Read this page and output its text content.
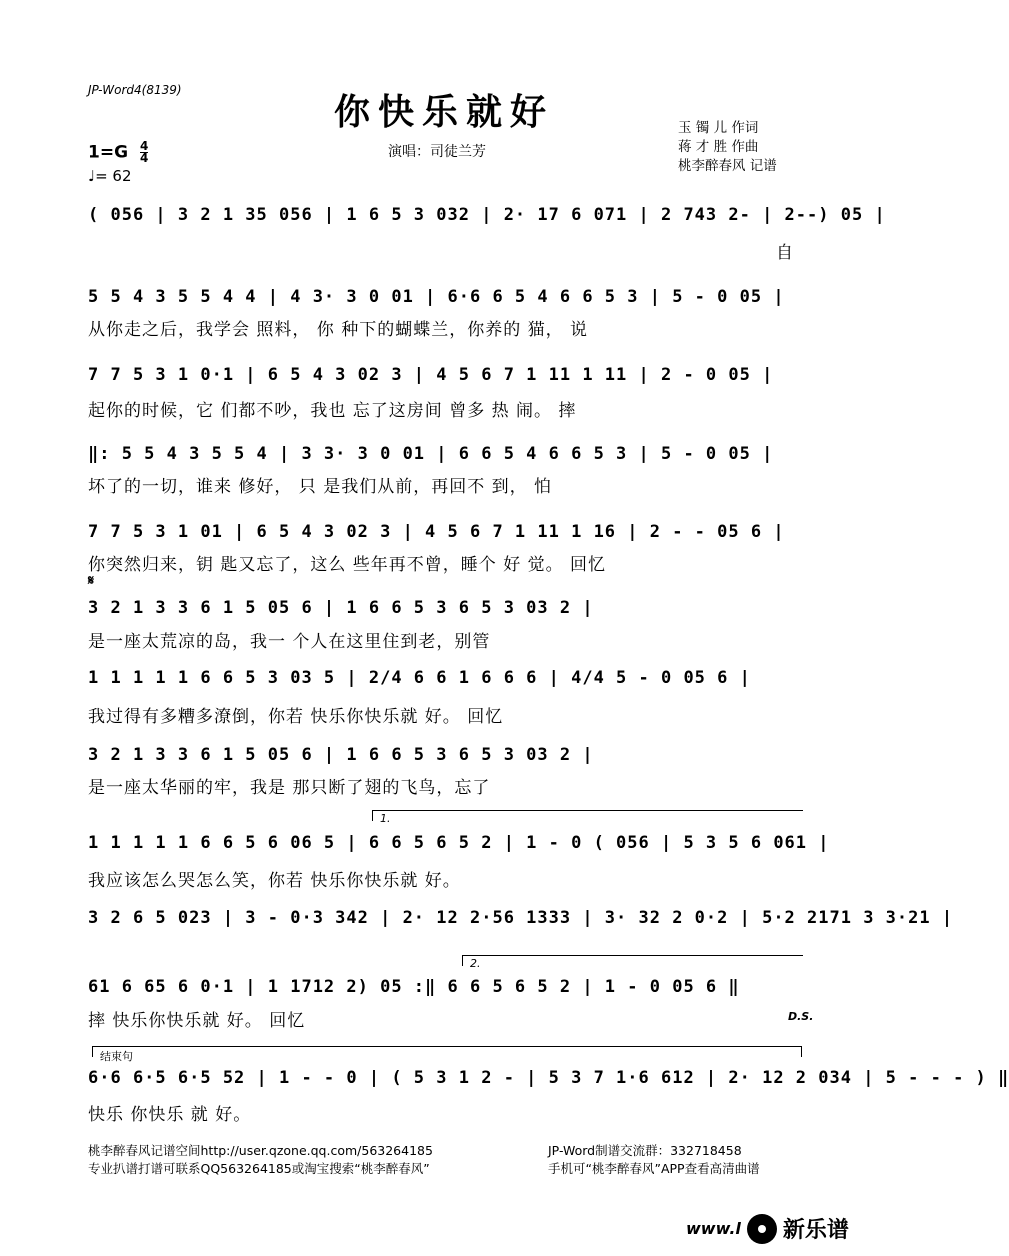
JP-Word4(8139)
你快乐就好
$1=G \frac{4}{4}$
♩= 62
演唱：司徒兰芳
玉 镯 儿 作词
蒋 才 胜 作曲
桃李醉春风 记谱
( 056 | 3 2 1 35 056 | 1 6 5 3 032 | 2· 17 6 071 | 2 743 2- | 2--) 05 |
自
5 5 4 3 5 5 4 4 | 4 3· 3 0 01 | 6·6 6 5 4 6 6 5 3 | 5 - 0 05 |
从你走之后，我学会 照料， 你 种下的蝴蝶兰，你养的 猫， 说
7 7 5 3 1 0·1 | 6 5 4 3 02 3 | 4 5 6 7 1 11 1 11 | 2 - 0 05 |
起你的时候，它 们都不吵，我也 忘了这房间 曾多 热 闹。 摔
‖: 5 5 4 3 5 5 4 | 3 3· 3 0 01 | 6 6 5 4 6 6 5 3 | 5 - 0 05 |
坏了的一切，谁来 修好， 只 是我们从前，再回不 到， 怕
7 7 5 3 1 01 | 6 5 4 3 02 3 | 4 5 6 7 1 11 1 16 | 2 - - 05 6 |
你突然归来，钥 匙又忘了，这么 些年再不曾，睡个 好 觉。 回忆
𝄋
3 2 1 3 3 6 1 5 05 6 | 1 6 6 5 3 6 5 3 03 2 |
是一座太荒凉的岛，我一 个人在这里住到老，别管
1 1 1 1 1 6 6 5 3 03 5 | 2/4 6 6 1 6 6 6 | 4/4 5 - 0 05 6 |
我过得有多糟多潦倒，你若 快乐你快乐就 好。 回忆
3 2 1 3 3 6 1 5 05 6 | 1 6 6 5 3 6 5 3 03 2 |
是一座太华丽的牢，我是 那只断了翅的飞鸟，忘了
1.
1 1 1 1 1 6 6 5 6 06 5 | 6 6 5 6 5 2 | 1 - 0 ( 056 | 5 3 5 6 061 |
我应该怎么哭怎么笑，你若 快乐你快乐就 好。
3 2 6 5 023 | 3 - 0·3 342 | 2· 12 2·56 1333 | 3· 32 2 0·2 | 5·2 2171 3 3·21 |
2.
61 6 65 6 0·1 | 1 1712 2) 05 :‖ 6 6 5 6 5 2 | 1 - 0 05 6 ‖
摔 快乐你快乐就 好。 回忆	D.S.
结束句
6·6 6·5 6·5 52 | 1 - - 0 | ( 5 3 1 2 - | 5 3 7 1·6 612 | 2· 12 2 034 | 5 - - - ) ‖
快乐 你快乐 就 好。
桃李醉春风记谱空间http://user.qzone.qq.com/563264185
专业扒谱打谱可联系QQ563264185或淘宝搜索“桃李醉春风”
JP-Word制谱交流群：332718458
手机可“桃李醉春风”APP查看高清曲谱
www.l 新乐谱
